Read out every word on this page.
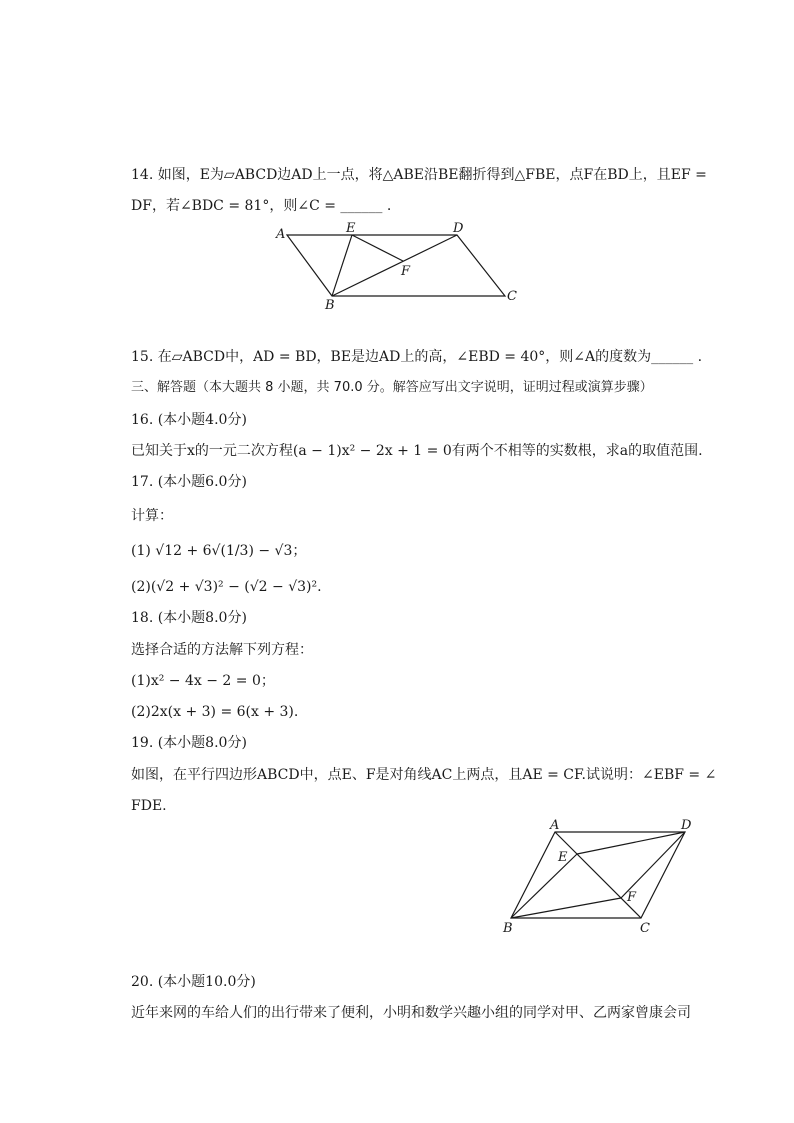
14. 如图，E为▱ABCD边AD上一点，将△ABE沿BE翻折得到△FBE，点F在BD上，且EF =
DF，若∠BDC = 81°，则∠C = ______ .
A	E	D
F
B
C
15. 在▱ABCD中，AD = BD，BE是边AD上的高，∠EBD = 40°，则∠A的度数为______ .
三、解答题（本大题共 8 小题，共 70.0 分。解答应写出文字说明，证明过程或演算步骤）
16. (本小题4.0分)
已知关于x的一元二次方程(a − 1)x² − 2x + 1 = 0有两个不相等的实数根，求a的取值范围.
17. (本小题6.0分)
计算：
(1) √12 + 6√(1/3) − √3；
(2)(√2 + √3)² − (√2 − √3)².
18. (本小题8.0分)
选择合适的方法解下列方程：
(1)x² − 4x − 2 = 0；
(2)2x(x + 3) = 6(x + 3).
19. (本小题8.0分)
如图，在平行四边形ABCD中，点E、F是对角线AC上两点，且AE = CF.试说明：∠EBF = ∠
FDE.
A	D
E
F
B	C
20. (本小题10.0分)
近年来网的车给人们的出行带来了便利，小明和数学兴趣小组的同学对甲、乙两家曾康会司
